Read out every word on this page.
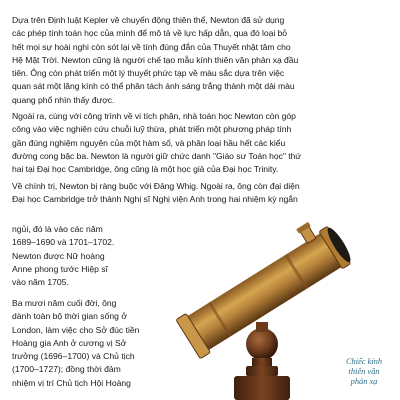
Dựa trên Định luật Kepler về chuyển động thiên thể, Newton đã sử dụng
các phép tính toán học của mình để mô tả về lực hấp dẫn, qua đó loại bỏ
hết mọi sự hoài nghi còn sót lại về tính đúng đắn của Thuyết nhật tâm cho
Hệ Mặt Trời. Newton cũng là người chế tạo mẫu kính thiên văn phản xạ đầu
tiên. Ông còn phát triển một lý thuyết phức tạp về màu sắc dựa trên việc
quan sát một lăng kính có thể phân tách ánh sáng trắng thành một dải màu
quang phổ nhìn thấy được.

Ngoài ra, cùng với công trình về vi tích phân, nhà toán học Newton còn góp
công vào việc nghiên cứu chuỗi luỹ thừa, phát triển một phương pháp tính
gần đúng nghiệm nguyên của một hàm số, và phân loại hầu hết các kiểu
đường cong bậc ba. Newton là người giữ chức danh "Giáo sư Toán học" thứ
hai tại Đại học Cambridge, ông cũng là một học giả của Đại học Trinity.

Về chính trị, Newton bị ràng buộc với Đảng Whig. Ngoài ra, ông còn đại diện
Đại học Cambridge trở thành Nghị sĩ Nghị viện Anh trong hai nhiệm kỳ ngắn

ngủi, đó là vào các năm
1689–1690 và 1701–1702.
Newton được Nữ hoàng
Anne phong tước Hiệp sĩ
vào năm 1705.
Ba mươi năm cuối đời, ông
dành toàn bộ thời gian sống ở
London, làm việc cho Sở đúc tiền
Hoàng gia Anh ở cương vị Sở
trưởng (1696–1700) và Chủ tịch
(1700–1727); đồng thời đảm
nhiệm vị trí Chủ tịch Hội Hoàng
Chiếc kính
thiên văn
phản xạ
